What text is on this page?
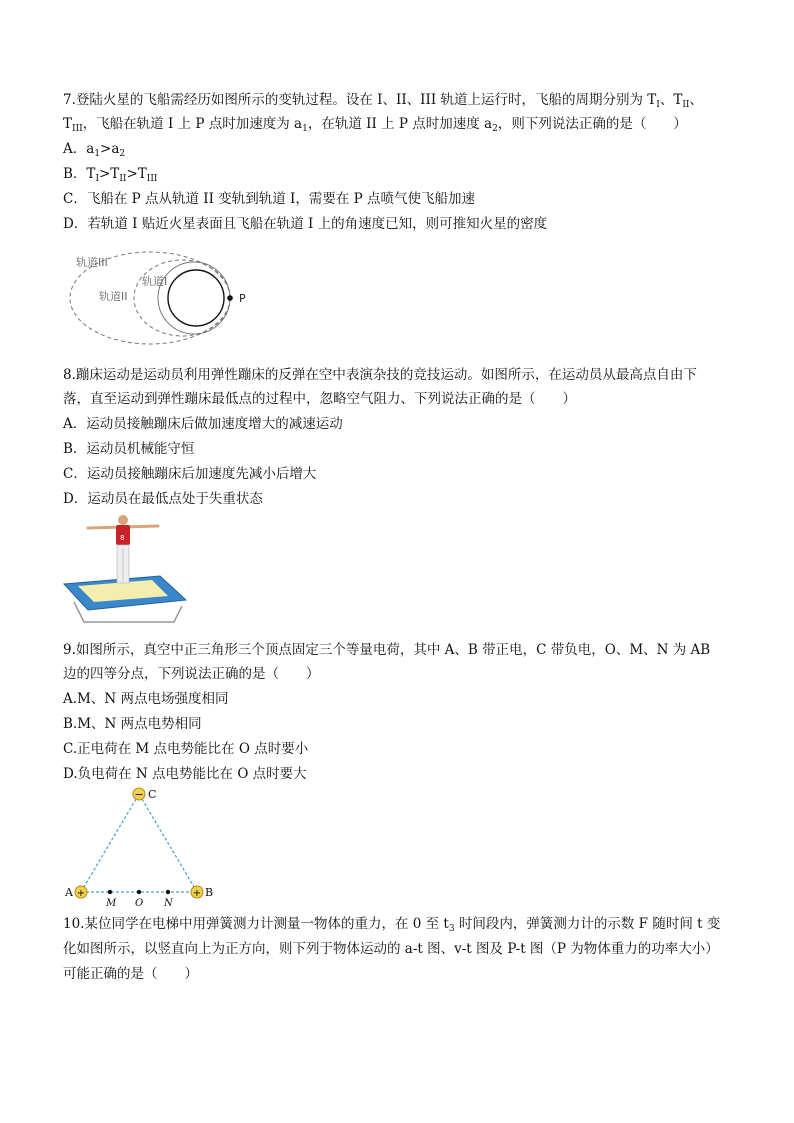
7.登陆火星的飞船需经历如图所示的变轨过程。设在 I、II、III 轨道上运行时，飞船的周期分别为 $T_I$、$T_{II}$、
$T_{III}$，飞船在轨道 I 上 P 点时加速度为 $a_1$，在轨道 II 上 P 点时加速度 $a_2$，则下列说法正确的是（　　）
A．$a_1>a_2$
B．$T_I>T_{II}>T_{III}$
C．飞船在 P 点从轨道 II 变轨到轨道 I，需要在 P 点喷气使飞船加速
D．若轨道 I 贴近火星表面且飞船在轨道 I 上的角速度已知，则可推知火星的密度
轨道III
轨道II
轨道I
P
8.蹦床运动是运动员利用弹性蹦床的反弹在空中表演杂技的竞技运动。如图所示，在运动员从最高点自由下
落，直至运动到弹性蹦床最低点的过程中，忽略空气阻力、下列说法正确的是（　　）
A．运动员接触蹦床后做加速度增大的减速运动
B．运动员机械能守恒
C．运动员接触蹦床后加速度先减小后增大
D．运动员在最低点处于失重状态
8
9.如图所示，真空中正三角形三个顶点固定三个等量电荷，其中 A、B 带正电，C 带负电，O、M、N 为 AB
边的四等分点，下列说法正确的是（　　）
A.M、N 两点电场强度相同
B.M、N 两点电势相同
C.正电荷在 M 点电势能比在 O 点时要小
D.负电荷在 N 点电势能比在 O 点时要大
+	+
−
A	B
C
M O N
10.某位同学在电梯中用弹簧测力计测量一物体的重力，在 0 至 $t_3$ 时间段内，弹簧测力计的示数 F 随时间 t 变
化如图所示，以竖直向上为正方向，则下列于物体运动的 a-t 图、v-t 图及 P-t 图（P 为物体重力的功率大小）
可能正确的是（　　）
